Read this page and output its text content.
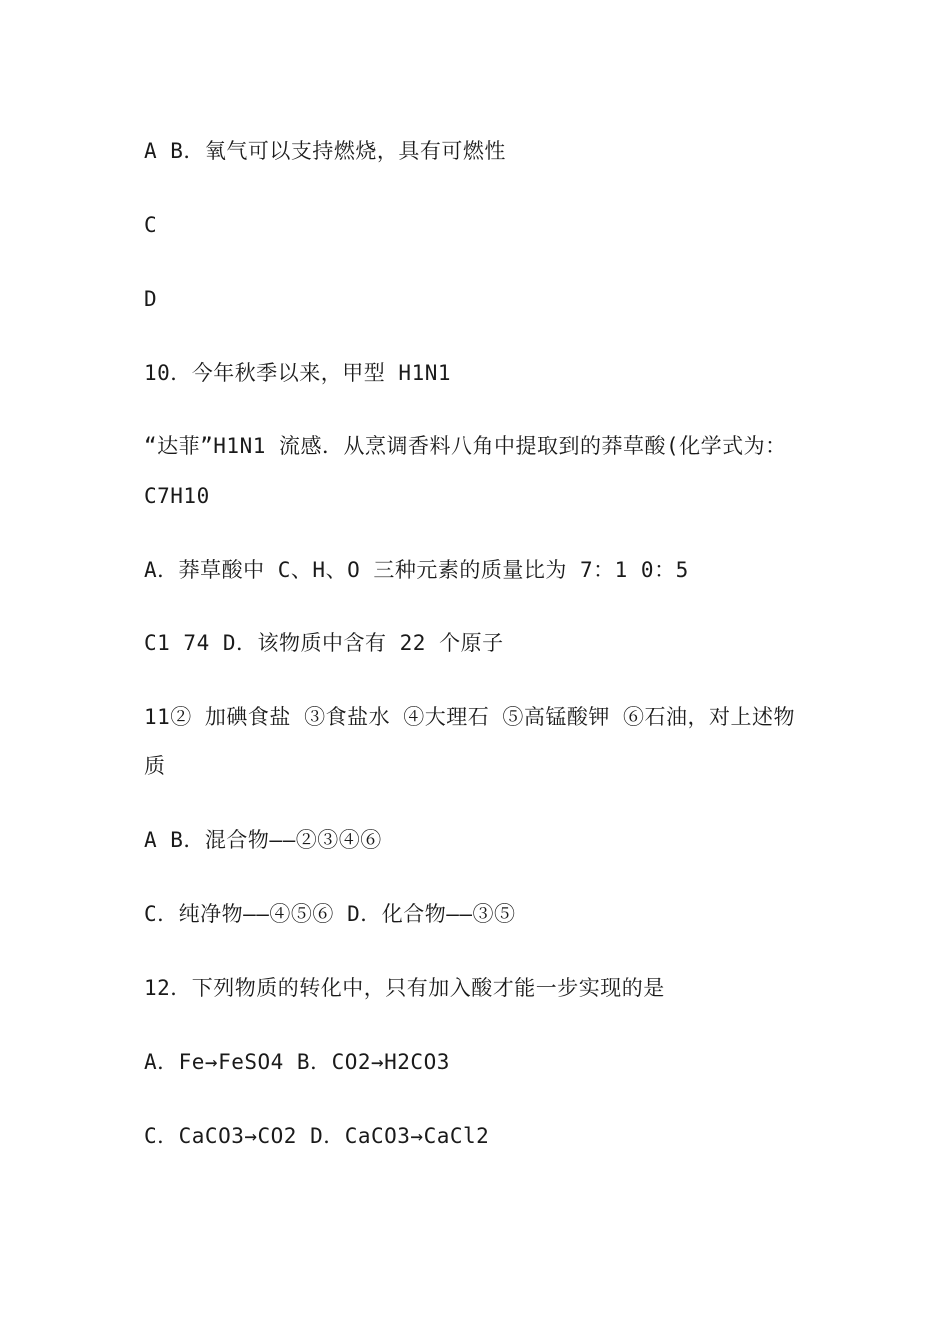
A B．氧气可以支持燃烧，具有可燃性
C
D
10．今年秋季以来，甲型 H1N1
“达菲”H1N1 流感．从烹调香料八角中提取到的莽草酸(化学式为：
C7H10
A．莽草酸中 C、H、O 三种元素的质量比为 7：1 0：5
C1 74 D．该物质中含有 22 个原子
11② 加碘食盐 ③食盐水 ④大理石 ⑤高锰酸钾 ⑥石油，对上述物
质
A B．混合物——②③④⑥
C．纯净物——④⑤⑥ D．化合物——③⑤
12．下列物质的转化中，只有加入酸才能一步实现的是
A．Fe→FeSO4 B．CO2→H2CO3
C．CaCO3→CO2 D．CaCO3→CaCl2
